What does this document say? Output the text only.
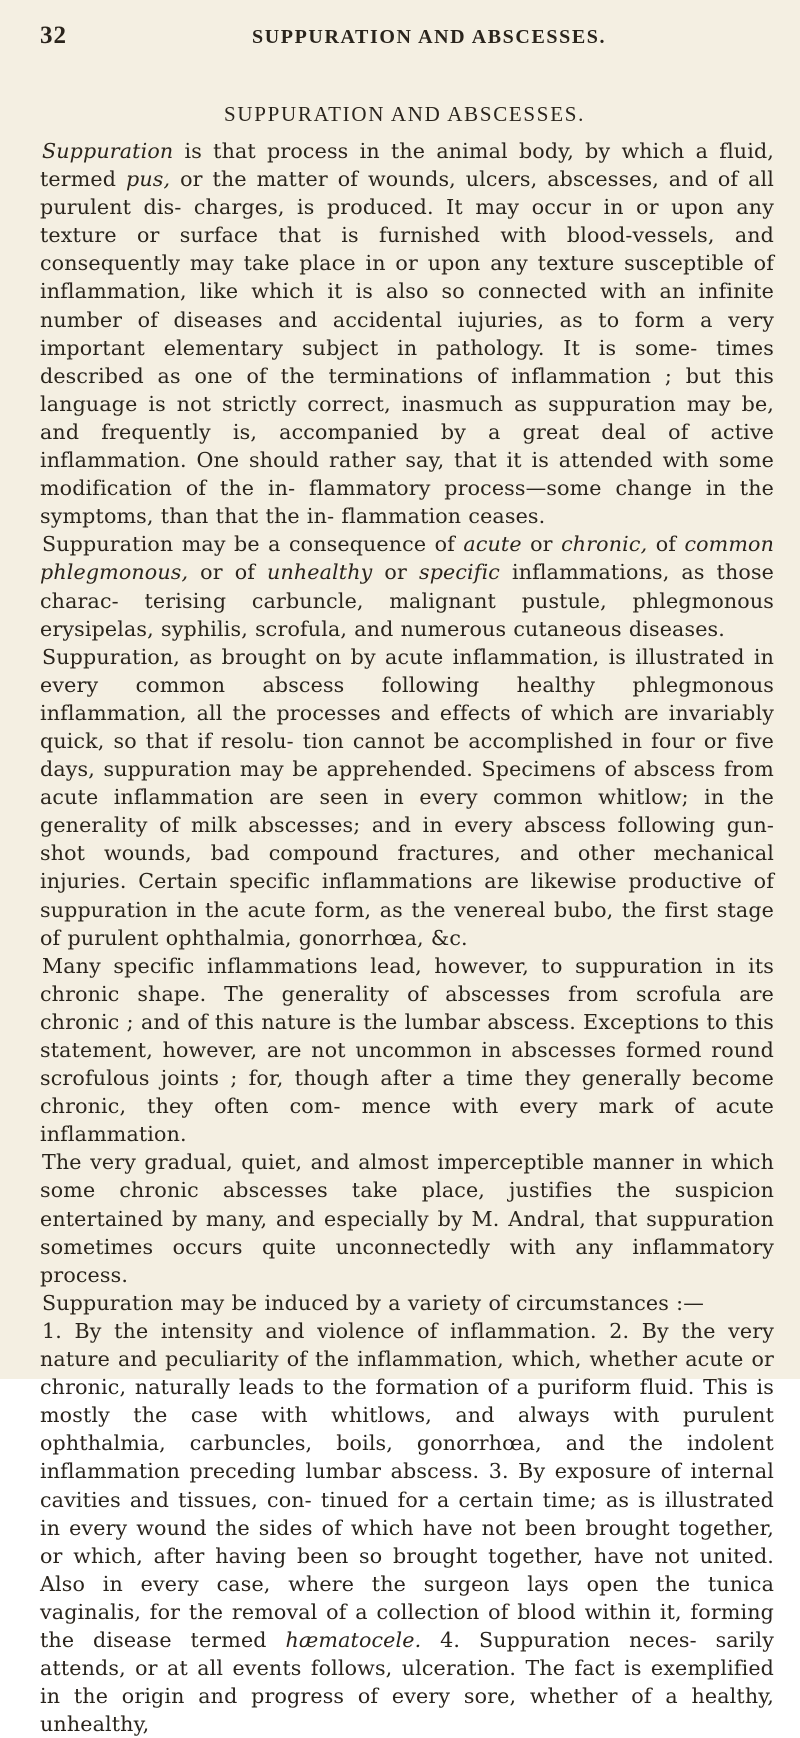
32	SUPPURATION AND ABSCESSES.
SUPPURATION AND ABSCESSES.

Suppuration is that process in the animal body, by which a fluid, termed pus, or the matter of wounds, ulcers, abscesses, and of all purulent dis- charges, is produced. It may occur in or upon any texture or surface that is furnished with blood-vessels, and consequently may take place in or upon any texture susceptible of inflammation, like which it is also so connected with an infinite number of diseases and accidental iujuries, as to form a very important elementary subject in pathology. It is some- times described as one of the terminations of inflammation ; but this language is not strictly correct, inasmuch as suppuration may be, and frequently is, accompanied by a great deal of active inflammation. One should rather say, that it is attended with some modification of the in- flammatory process—some change in the symptoms, than that the in- flammation ceases.

Suppuration may be a consequence of acute or chronic, of common phlegmonous, or of unhealthy or specific inflammations, as those charac- terising carbuncle, malignant pustule, phlegmonous erysipelas, syphilis, scrofula, and numerous cutaneous diseases.

Suppuration, as brought on by acute inflammation, is illustrated in every common abscess following healthy phlegmonous inflammation, all the processes and effects of which are invariably quick, so that if resolu- tion cannot be accomplished in four or five days, suppuration may be apprehended. Specimens of abscess from acute inflammation are seen in every common whitlow; in the generality of milk abscesses; and in every abscess following gun-shot wounds, bad compound fractures, and other mechanical injuries. Certain specific inflammations are likewise productive of suppuration in the acute form, as the venereal bubo, the first stage of purulent ophthalmia, gonorrhœa, &c.

Many specific inflammations lead, however, to suppuration in its chronic shape. The generality of abscesses from scrofula are chronic ; and of this nature is the lumbar abscess. Exceptions to this statement, however, are not uncommon in abscesses formed round scrofulous joints ; for, though after a time they generally become chronic, they often com- mence with every mark of acute inflammation.

The very gradual, quiet, and almost imperceptible manner in which some chronic abscesses take place, justifies the suspicion entertained by many, and especially by M. Andral, that suppuration sometimes occurs quite unconnectedly with any inflammatory process.

Suppuration may be induced by a variety of circumstances :—

1. By the intensity and violence of inflammation. 2. By the very nature and peculiarity of the inflammation, which, whether acute or chronic, naturally leads to the formation of a puriform fluid. This is mostly the case with whitlows, and always with purulent ophthalmia, carbuncles, boils, gonorrhœa, and the indolent inflammation preceding lumbar abscess. 3. By exposure of internal cavities and tissues, con- tinued for a certain time; as is illustrated in every wound the sides of which have not been brought together, or which, after having been so brought together, have not united. Also in every case, where the surgeon lays open the tunica vaginalis, for the removal of a collection of blood within it, forming the disease termed hæmatocele. 4. Suppuration neces- sarily attends, or at all events follows, ulceration. The fact is exemplified in the origin and progress of every sore, whether of a healthy, unhealthy,
